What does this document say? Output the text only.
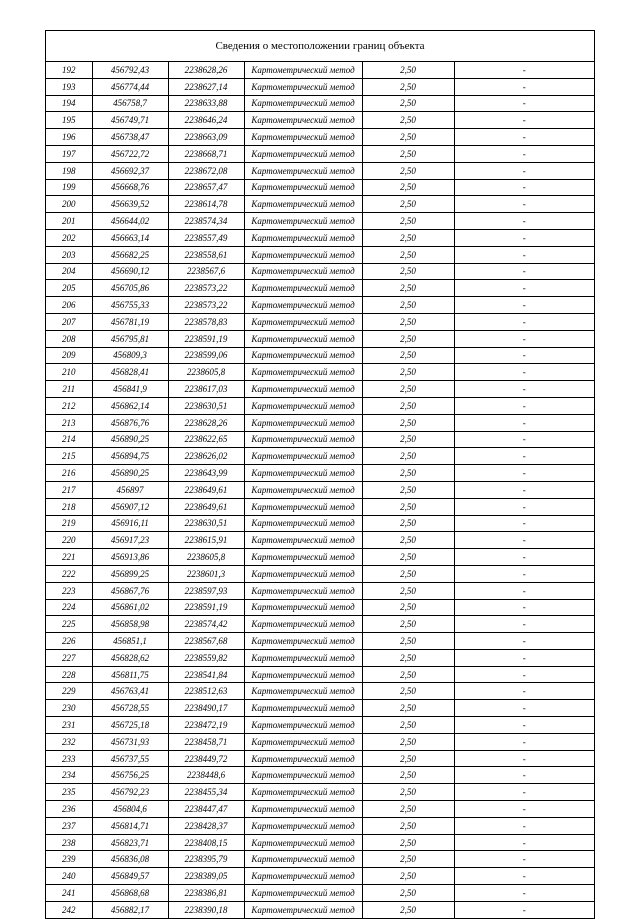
Сведения о местоположении границ объекта
192	456792,43	2238628,26	Картометрический метод	2,50	-
193	456774,44	2238627,14	Картометрический метод	2,50	-
194	456758,7	2238633,88	Картометрический метод	2,50	-
195	456749,71	2238646,24	Картометрический метод	2,50	-
196	456738,47	2238663,09	Картометрический метод	2,50	-
197	456722,72	2238668,71	Картометрический метод	2,50	-
198	456692,37	2238672,08	Картометрический метод	2,50	-
199	456668,76	2238657,47	Картометрический метод	2,50	-
200	456639,52	2238614,78	Картометрический метод	2,50	-
201	456644,02	2238574,34	Картометрический метод	2,50	-
202	456663,14	2238557,49	Картометрический метод	2,50	-
203	456682,25	2238558,61	Картометрический метод	2,50	-
204	456690,12	2238567,6	Картометрический метод	2,50	-
205	456705,86	2238573,22	Картометрический метод	2,50	-
206	456755,33	2238573,22	Картометрический метод	2,50	-
207	456781,19	2238578,83	Картометрический метод	2,50	-
208	456795,81	2238591,19	Картометрический метод	2,50	-
209	456809,3	2238599,06	Картометрический метод	2,50	-
210	456828,41	2238605,8	Картометрический метод	2,50	-
211	456841,9	2238617,03	Картометрический метод	2,50	-
212	456862,14	2238630,51	Картометрический метод	2,50	-
213	456876,76	2238628,26	Картометрический метод	2,50	-
214	456890,25	2238622,65	Картометрический метод	2,50	-
215	456894,75	2238626,02	Картометрический метод	2,50	-
216	456890,25	2238643,99	Картометрический метод	2,50	-
217	456897	2238649,61	Картометрический метод	2,50	-
218	456907,12	2238649,61	Картометрический метод	2,50	-
219	456916,11	2238630,51	Картометрический метод	2,50	-
220	456917,23	2238615,91	Картометрический метод	2,50	-
221	456913,86	2238605,8	Картометрический метод	2,50	-
222	456899,25	2238601,3	Картометрический метод	2,50	-
223	456867,76	2238597,93	Картометрический метод	2,50	-
224	456861,02	2238591,19	Картометрический метод	2,50	-
225	456858,98	2238574,42	Картометрический метод	2,50	-
226	456851,1	2238567,68	Картометрический метод	2,50	-
227	456828,62	2238559,82	Картометрический метод	2,50	-
228	456811,75	2238541,84	Картометрический метод	2,50	-
229	456763,41	2238512,63	Картометрический метод	2,50	-
230	456728,55	2238490,17	Картометрический метод	2,50	-
231	456725,18	2238472,19	Картометрический метод	2,50	-
232	456731,93	2238458,71	Картометрический метод	2,50	-
233	456737,55	2238449,72	Картометрический метод	2,50	-
234	456756,25	2238448,6	Картометрический метод	2,50	-
235	456792,23	2238455,34	Картометрический метод	2,50	-
236	456804,6	2238447,47	Картометрический метод	2,50	-
237	456814,71	2238428,37	Картометрический метод	2,50	-
238	456823,71	2238408,15	Картометрический метод	2,50	-
239	456836,08	2238395,79	Картометрический метод	2,50	-
240	456849,57	2238389,05	Картометрический метод	2,50	-
241	456868,68	2238386,81	Картометрический метод	2,50	-
242	456882,17	2238390,18	Картометрический метод	2,50	-
